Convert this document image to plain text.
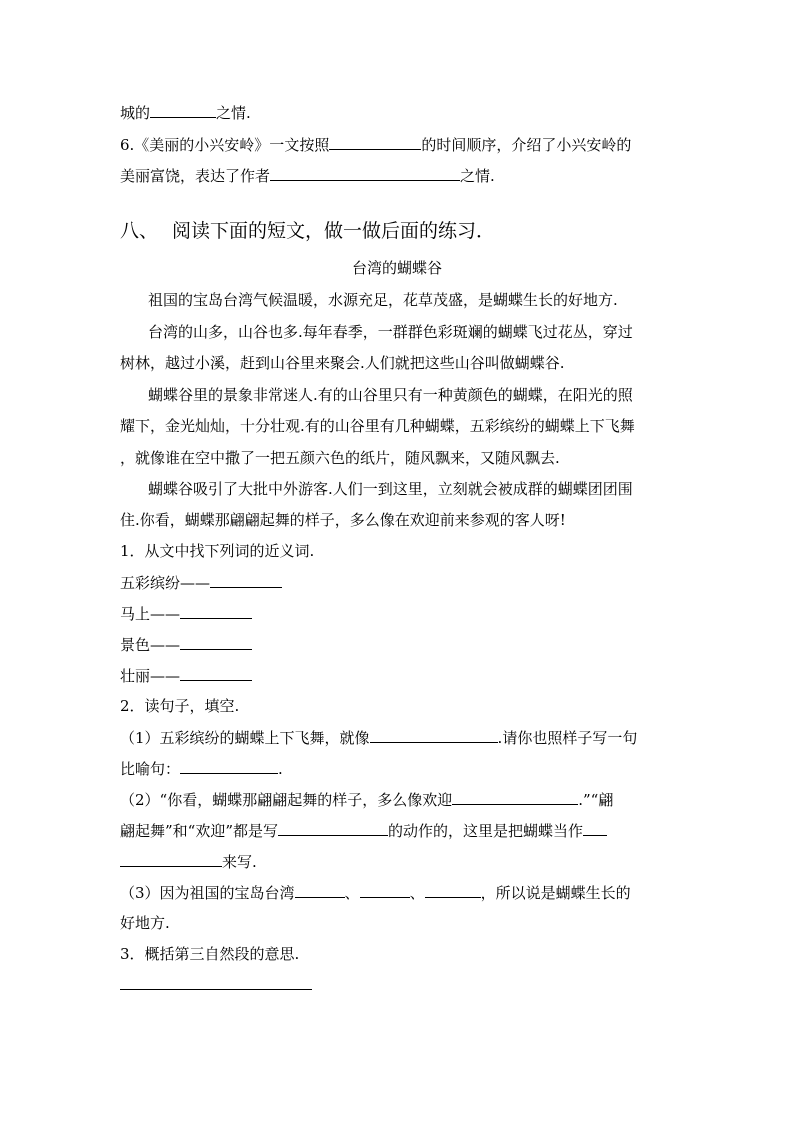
城的	之情.
6.《美丽的小兴安岭》一文按照	的时间顺序，介绍了小兴安岭的
美丽富饶，表达了作者	之情.
八、 阅读下面的短文，做一做后面的练习．
台湾的蝴蝶谷
祖国的宝岛台湾气候温暖，水源充足，花草茂盛，是蝴蝶生长的好地方.
台湾的山多，山谷也多.每年春季，一群群色彩斑斓的蝴蝶飞过花丛，穿过
树林，越过小溪，赶到山谷里来聚会.人们就把这些山谷叫做蝴蝶谷.
蝴蝶谷里的景象非常迷人.有的山谷里只有一种黄颜色的蝴蝶，在阳光的照
耀下，金光灿灿，十分壮观.有的山谷里有几种蝴蝶，五彩缤纷的蝴蝶上下飞舞
，就像谁在空中撒了一把五颜六色的纸片，随风飘来，又随风飘去.
蝴蝶谷吸引了大批中外游客.人们一到这里，立刻就会被成群的蝴蝶团团围
住.你看，蝴蝶那翩翩起舞的样子，多么像在欢迎前来参观的客人呀!
1．从文中找下列词的近义词.
五彩缤纷——
马上——
景色——
壮丽——
2．读句子，填空.
（1）五彩缤纷的蝴蝶上下飞舞，就像	.请你也照样子写一句
比喻句：	.
（2）“你看，蝴蝶那翩翩起舞的样子，多么像欢迎	.”“翩
翩起舞”和“欢迎”都是写	的动作的，这里是把蝴蝶当作
来写.
（3）因为祖国的宝岛台湾	、	、	，所以说是蝴蝶生长的
好地方.
3．概括第三自然段的意思.
